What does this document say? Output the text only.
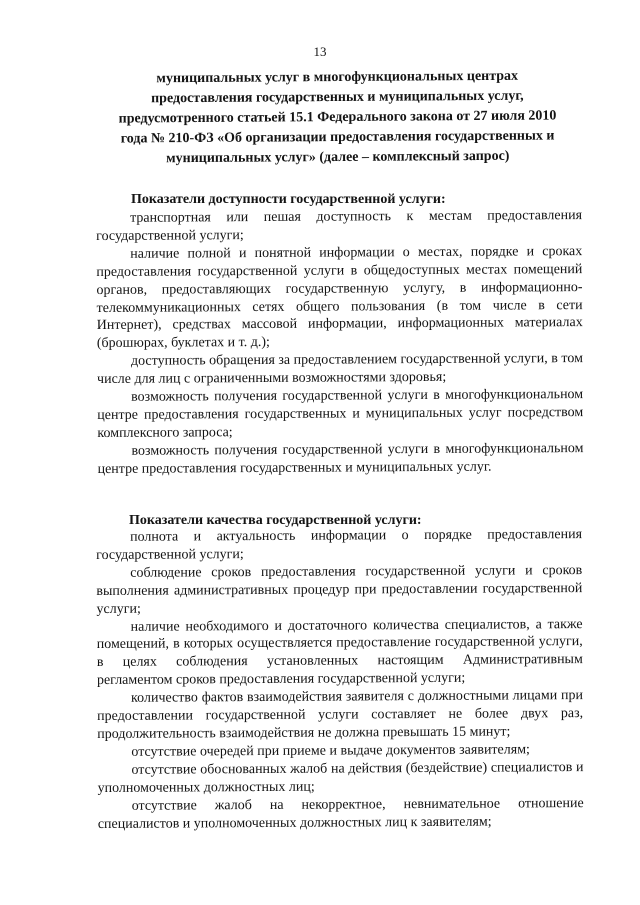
13
муниципальных услуг в многофункциональных центрах предоставления государственных и муниципальных услуг, предусмотренного статьей 15.1 Федерального закона от 27 июля 2010 года № 210-ФЗ «Об организации предоставления государственных и муниципальных услуг» (далее – комплексный запрос)
Показатели доступности государственной услуги:

транспортная или пешая доступность к местам предоставления государственной услуги;

наличие полной и понятной информации о местах, порядке и сроках предоставления государственной услуги в общедоступных местах помещений органов, предоставляющих государственную услугу, в информационно-телекоммуникационных сетях общего пользования (в том числе в сети Интернет), средствах массовой информации, информационных материалах (брошюрах, буклетах и т. д.);

доступность обращения за предоставлением государственной услуги, в том числе для лиц с ограниченными возможностями здоровья;

возможность получения государственной услуги в многофункциональном центре предоставления государственных и муниципальных услуг посредством комплексного запроса;

возможность получения государственной услуги в многофункциональном центре предоставления государственных и муниципальных услуг.

Показатели качества государственной услуги:

полнота и актуальность информации о порядке предоставления государственной услуги;

соблюдение сроков предоставления государственной услуги и сроков выполнения административных процедур при предоставлении государственной услуги;

наличие необходимого и достаточного количества специалистов, а также помещений, в которых осуществляется предоставление государственной услуги, в целях соблюдения установленных настоящим Административным регламентом сроков предоставления государственной услуги;

количество фактов взаимодействия заявителя с должностными лицами при предоставлении государственной услуги составляет не более двух раз, продолжительность взаимодействия не должна превышать 15 минут;

отсутствие очередей при приеме и выдаче документов заявителям;

отсутствие обоснованных жалоб на действия (бездействие) специалистов и уполномоченных должностных лиц;

отсутствие жалоб на некорректное, невнимательное отношение специалистов и уполномоченных должностных лиц к заявителям;
